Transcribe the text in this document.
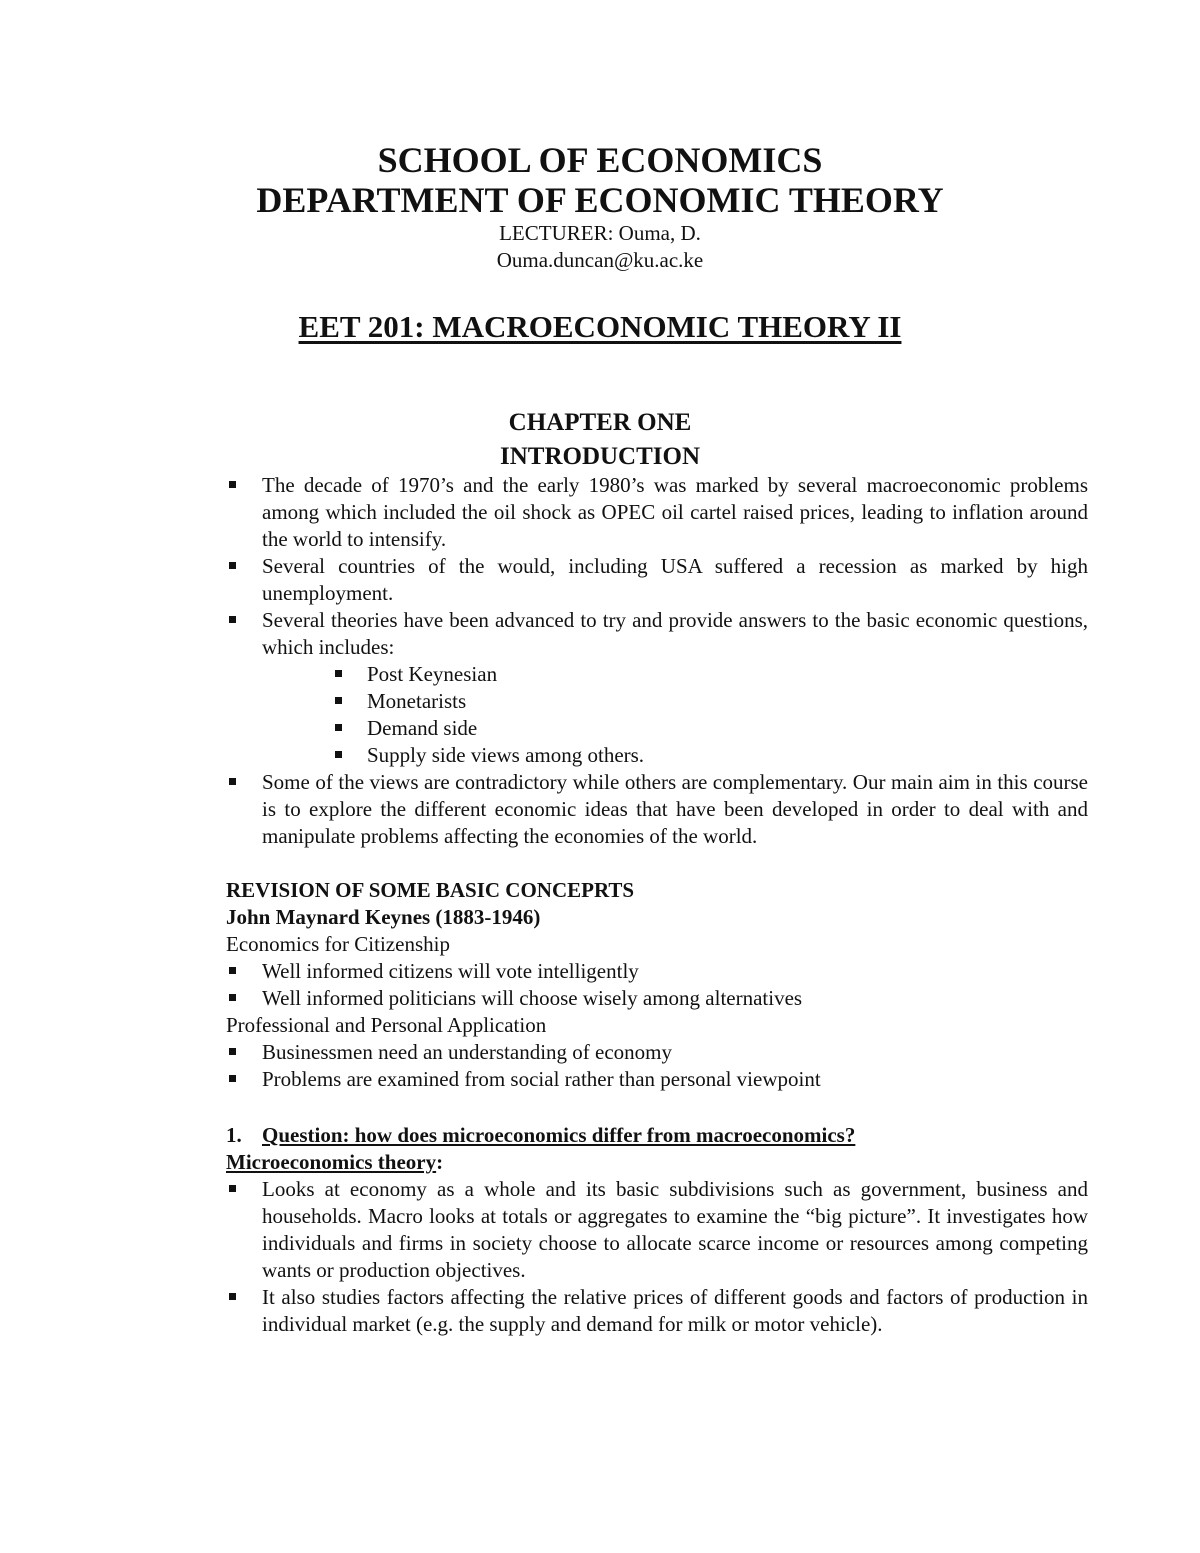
SCHOOL OF ECONOMICS
DEPARTMENT OF ECONOMIC THEORY
LECTURER: Ouma, D.
Ouma.duncan@ku.ac.ke
EET 201: MACROECONOMIC THEORY II
CHAPTER ONE
INTRODUCTION
The decade of 1970’s and the early 1980’s was marked by several macroeconomic problems among which included the oil shock as OPEC oil cartel raised prices, leading to inflation around the world to intensify.
Several countries of the would, including USA suffered a recession as marked by high unemployment.
Several theories have been advanced to try and provide answers to the basic economic questions, which includes:
Post Keynesian
Monetarists
Demand side
Supply side views among others.
Some of the views are contradictory while others are complementary. Our main aim in this course is to explore the different economic ideas that have been developed in order to deal with and manipulate problems affecting the economies of the world.
REVISION OF SOME BASIC CONCEPRTS
John Maynard Keynes (1883-1946)
Economics for Citizenship
Well informed citizens will vote intelligently
Well informed politicians will choose wisely among alternatives
Professional and Personal Application
Businessmen need an understanding of economy
Problems are examined from social rather than personal viewpoint
1. Question: how does microeconomics differ from macroeconomics?
Microeconomics theory:
Looks at economy as a whole and its basic subdivisions such as government, business and households. Macro looks at totals or aggregates to examine the “big picture”. It investigates how individuals and firms in society choose to allocate scarce income or resources among competing wants or production objectives.
It also studies factors affecting the relative prices of different goods and factors of production in individual market (e.g. the supply and demand for milk or motor vehicle).
